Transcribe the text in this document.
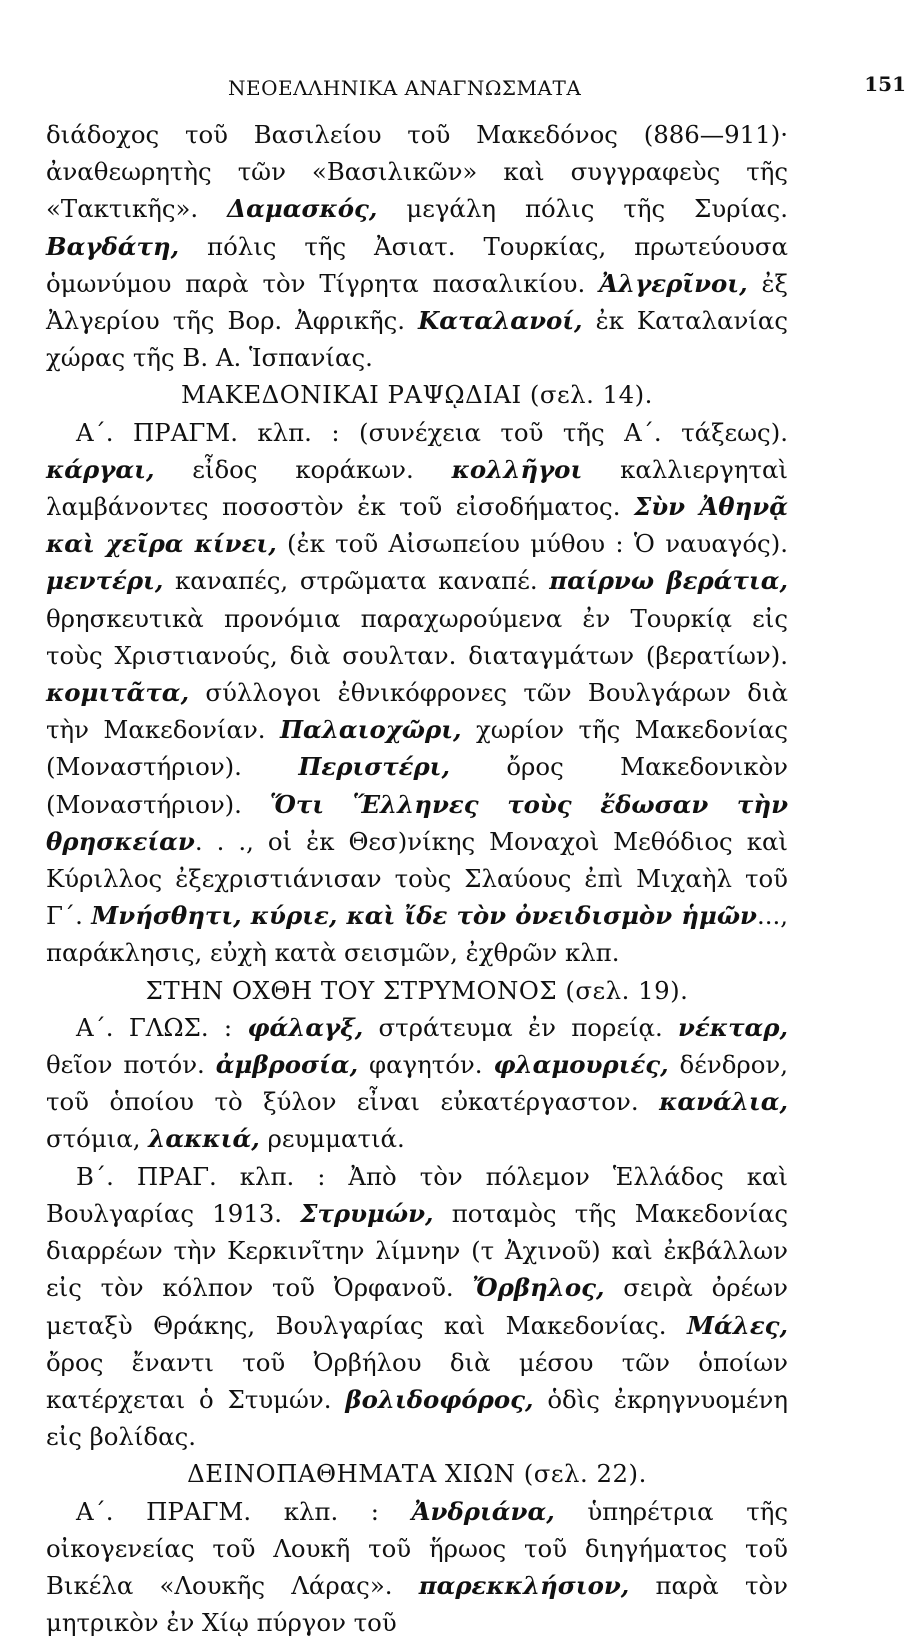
ΝΕΟΕΛΛΗΝΙΚΑ ΑΝΑΓΝΩΣΜΑΤΑ	151

διάδοχος τοῦ Βασιλείου τοῦ Μακεδόνος (886—911)· ἀναθεωρητὴς τῶν «Βασιλικῶν» καὶ συγγραφεὺς τῆς «Τακτικῆς». Δαμασκός, μεγάλη πόλις τῆς Συρίας. Βαγδάτη, πόλις τῆς Ἀσιατ. Τουρκίας, πρωτεύουσα ὁμωνύμου παρὰ τὸν Τίγρητα πασαλικίου. Ἀλγερῖνοι, ἐξ Ἀλγερίου τῆς Βορ. Ἀφρικῆς. Καταλανοί, ἐκ Καταλανίας χώρας τῆς Β. Α. Ἱσπανίας.

ΜΑΚΕΔΟΝΙΚΑΙ ΡΑΨῼΔΙΑΙ (σελ. 14).

Α΄. ΠΡΑΓΜ. κλπ. : (συνέχεια τοῦ τῆς Α΄. τάξεως). κάργαι, εἶδος κοράκων. κολλῆγοι καλλιεργηταὶ λαμβάνοντες ποσοστὸν ἐκ τοῦ εἰσοδήματος. Σὺν Ἀθηνᾷ καὶ χεῖρα κίνει, (ἐκ τοῦ Αἰσωπείου μύθου : Ὁ ναυαγός). μεντέρι, καναπές, στρῶματα καναπέ. παίρνω βεράτια, θρησκευτικὰ προνόμια παραχωρούμενα ἐν Τουρκίᾳ εἰς τοὺς Χριστιανούς, διὰ σουλταν. διαταγμάτων (βερατίων). κομιτᾶτα, σύλλογοι ἐθνικόφρονες τῶν Βουλγάρων διὰ τὴν Μακεδονίαν. Παλαιοχῶρι, χωρίον τῆς Μακεδονίας (Μοναστήριον). Περιστέρι, ὄρος Μακεδονικὸν (Μοναστήριον). Ὅτι Ἕλληνες τοὺς ἔδωσαν τὴν θρησκείαν. . ., οἱ ἐκ Θεσ)νίκης Μοναχοὶ Μεθόδιος καὶ Κύριλλος ἐξεχριστιάνισαν τοὺς Σλαύους ἐπὶ Μιχαὴλ τοῦ Γ΄. Μνήσθητι, κύριε, καὶ ἴδε τὸν ὀνειδισμὸν ἡμῶν..., παράκλησις, εὐχὴ κατὰ σεισμῶν, ἐχθρῶν κλπ.

ΣΤΗΝ ΟΧΘΗ ΤΟΥ ΣΤΡΥΜΟΝΟΣ (σελ. 19).

Α΄. ΓΛΩΣ. : φάλαγξ, στράτευμα ἐν πορείᾳ. νέκταρ, θεῖον ποτόν. ἀμβροσία, φαγητόν. φλαμουριές, δένδρον, τοῦ ὁποίου τὸ ξύλον εἶναι εὐκατέργαστον. κανάλια, στόμια, λακκιά, ρευμματιά.

Β΄. ΠΡΑΓ. κλπ. : Ἀπὸ τὸν πόλεμον Ἑλλάδος καὶ Βουλγαρίας 1913. Στρυμών, ποταμὸς τῆς Μακεδονίας διαρρέων τὴν Κερκινῖτην λίμνην (τ Ἀχινοῦ) καὶ ἐκβάλλων εἰς τὸν κόλπον τοῦ Ὀρφανοῦ. Ὄρβηλος, σειρὰ ὀρέων μεταξὺ Θράκης, Βουλγαρίας καὶ Μακεδονίας. Μάλες, ὄρος ἔναντι τοῦ Ὀρβήλου διὰ μέσου τῶν ὁποίων κατέρχεται ὁ Στυμών. βολιδοφόρος, ὁδὶς ἐκρηγνυομένη εἰς βολίδας.

ΔΕΙΝΟΠΑΘΗΜΑΤΑ ΧΙΩΝ (σελ. 22).

Α΄. ΠΡΑΓΜ. κλπ. : Ἀνδριάνα, ὑπηρέτρια τῆς οἰκογενείας τοῦ Λουκῆ τοῦ ἥρωος τοῦ διηγήματος τοῦ Βικέλα «Λουκῆς Λάρας». παρεκκλήσιον, παρὰ τὸν μητρικὸν ἐν Χίῳ πύργον τοῦ
